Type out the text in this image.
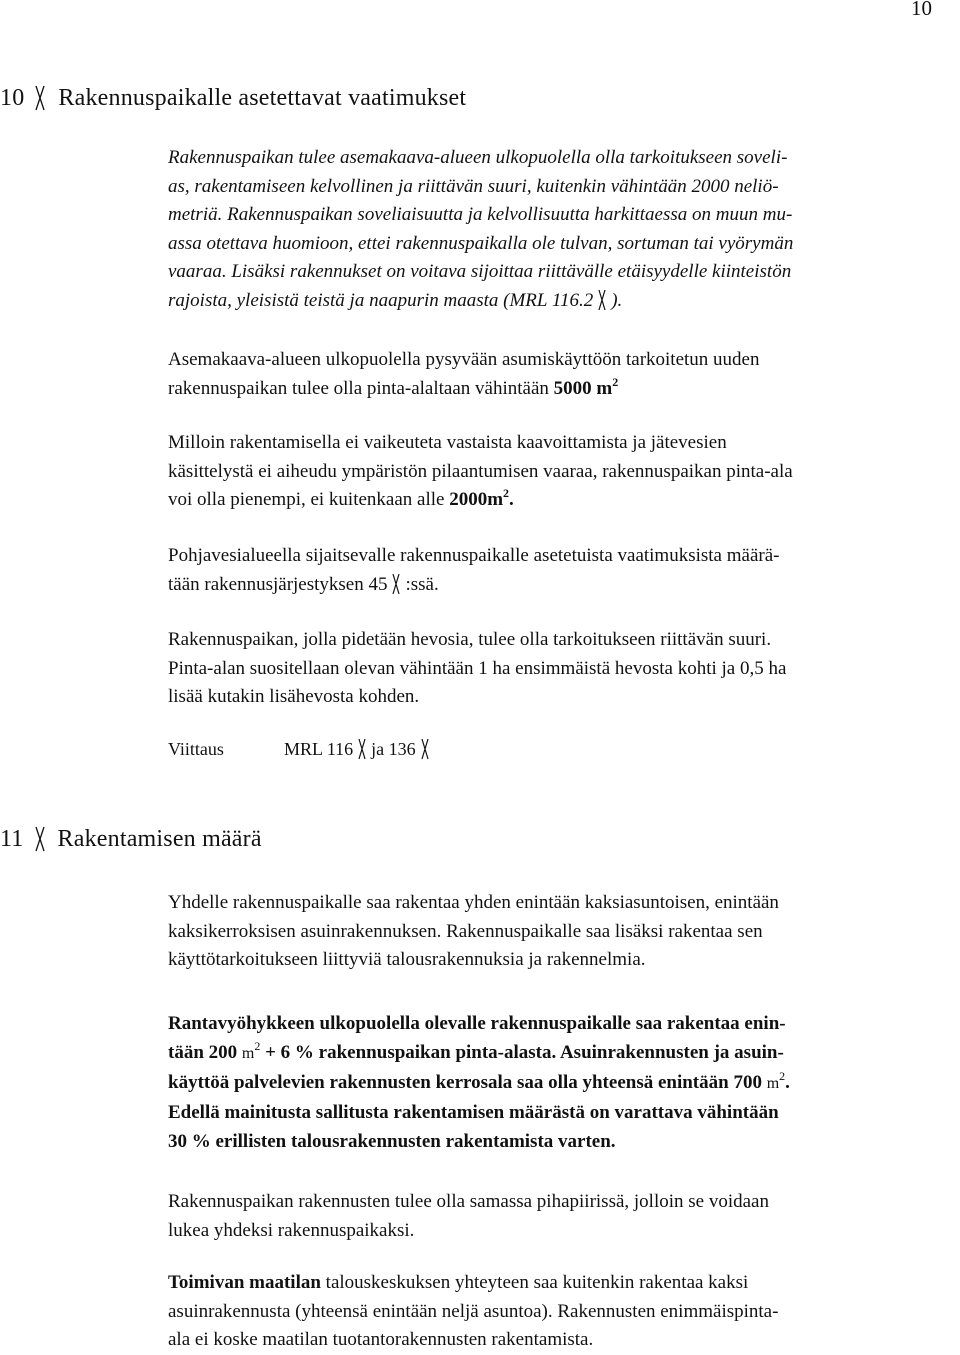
10
10 Rakennuspaikalle asetettavat vaatimukset

Rakennuspaikan tulee asemakaava-alueen ulkopuolella olla tarkoitukseen soveli-

as, rakentamiseen kelvollinen ja riittävän suuri, kuitenkin vähintään 2000 neliö-

metriä. Rakennuspaikan soveliaisuutta ja kelvollisuutta harkittaessa on muun mu-

assa otettava huomioon, ettei rakennuspaikalla ole tulvan, sortuman tai vyörymän

vaaraa. Lisäksi rakennukset on voitava sijoittaa riittävälle etäisyydelle kiinteistön

rajoista, yleisistä teistä ja naapurin maasta (MRL 116.2 ).

Asemakaava-alueen ulkopuolella pysyvään asumiskäyttöön tarkoitetun uuden

rakennuspaikan tulee olla pinta-alaltaan vähintään 5000 $m^2$

Milloin rakentamisella ei vaikeuteta vastaista kaavoittamista ja jätevesien

käsittelystä ei aiheudu ympäristön pilaantumisen vaaraa, rakennuspaikan pinta-ala

voi olla pienempi, ei kuitenkaan alle $2000m^2$.

Pohjavesialueella sijaitsevalle rakennuspaikalle asetetuista vaatimuksista määrä-

tään rakennusjärjestyksen 45 :ssä.

Rakennuspaikan, jolla pidetään hevosia, tulee olla tarkoitukseen riittävän suuri.

Pinta-alan suositellaan olevan vähintään 1 ha ensimmäistä hevosta kohti ja 0,5 ha

lisää kutakin lisähevosta kohden.

Viittaus	MRL 116 ja 136
11 Rakentamisen määrä

Yhdelle rakennuspaikalle saa rakentaa yhden enintään kaksiasuntoisen, enintään

kaksikerroksisen asuinrakennuksen. Rakennuspaikalle saa lisäksi rakentaa sen

käyttötarkoitukseen liittyviä talousrakennuksia ja rakennelmia.

Rantavyöhykkeen ulkopuolella olevalle rakennuspaikalle saa rakentaa enin-

tään 200 $m^2 + 6$ % rakennuspaikan pinta-alasta. Asuinrakennusten ja asuin-

käyttöä palvelevien rakennusten kerrosala saa olla yhteensä enintään 700 $m^2$.

Edellä mainitusta sallitusta rakentamisen määrästä on varattava vähintään

30 % erillisten talousrakennusten rakentamista varten.

Rakennuspaikan rakennusten tulee olla samassa pihapiirissä, jolloin se voidaan

lukea yhdeksi rakennuspaikaksi.

Toimivan maatilan talouskeskuksen yhteyteen saa kuitenkin rakentaa kaksi

asuinrakennusta (yhteensä enintään neljä asuntoa). Rakennusten enimmäispinta-

ala ei koske maatilan tuotantorakennusten rakentamista.
